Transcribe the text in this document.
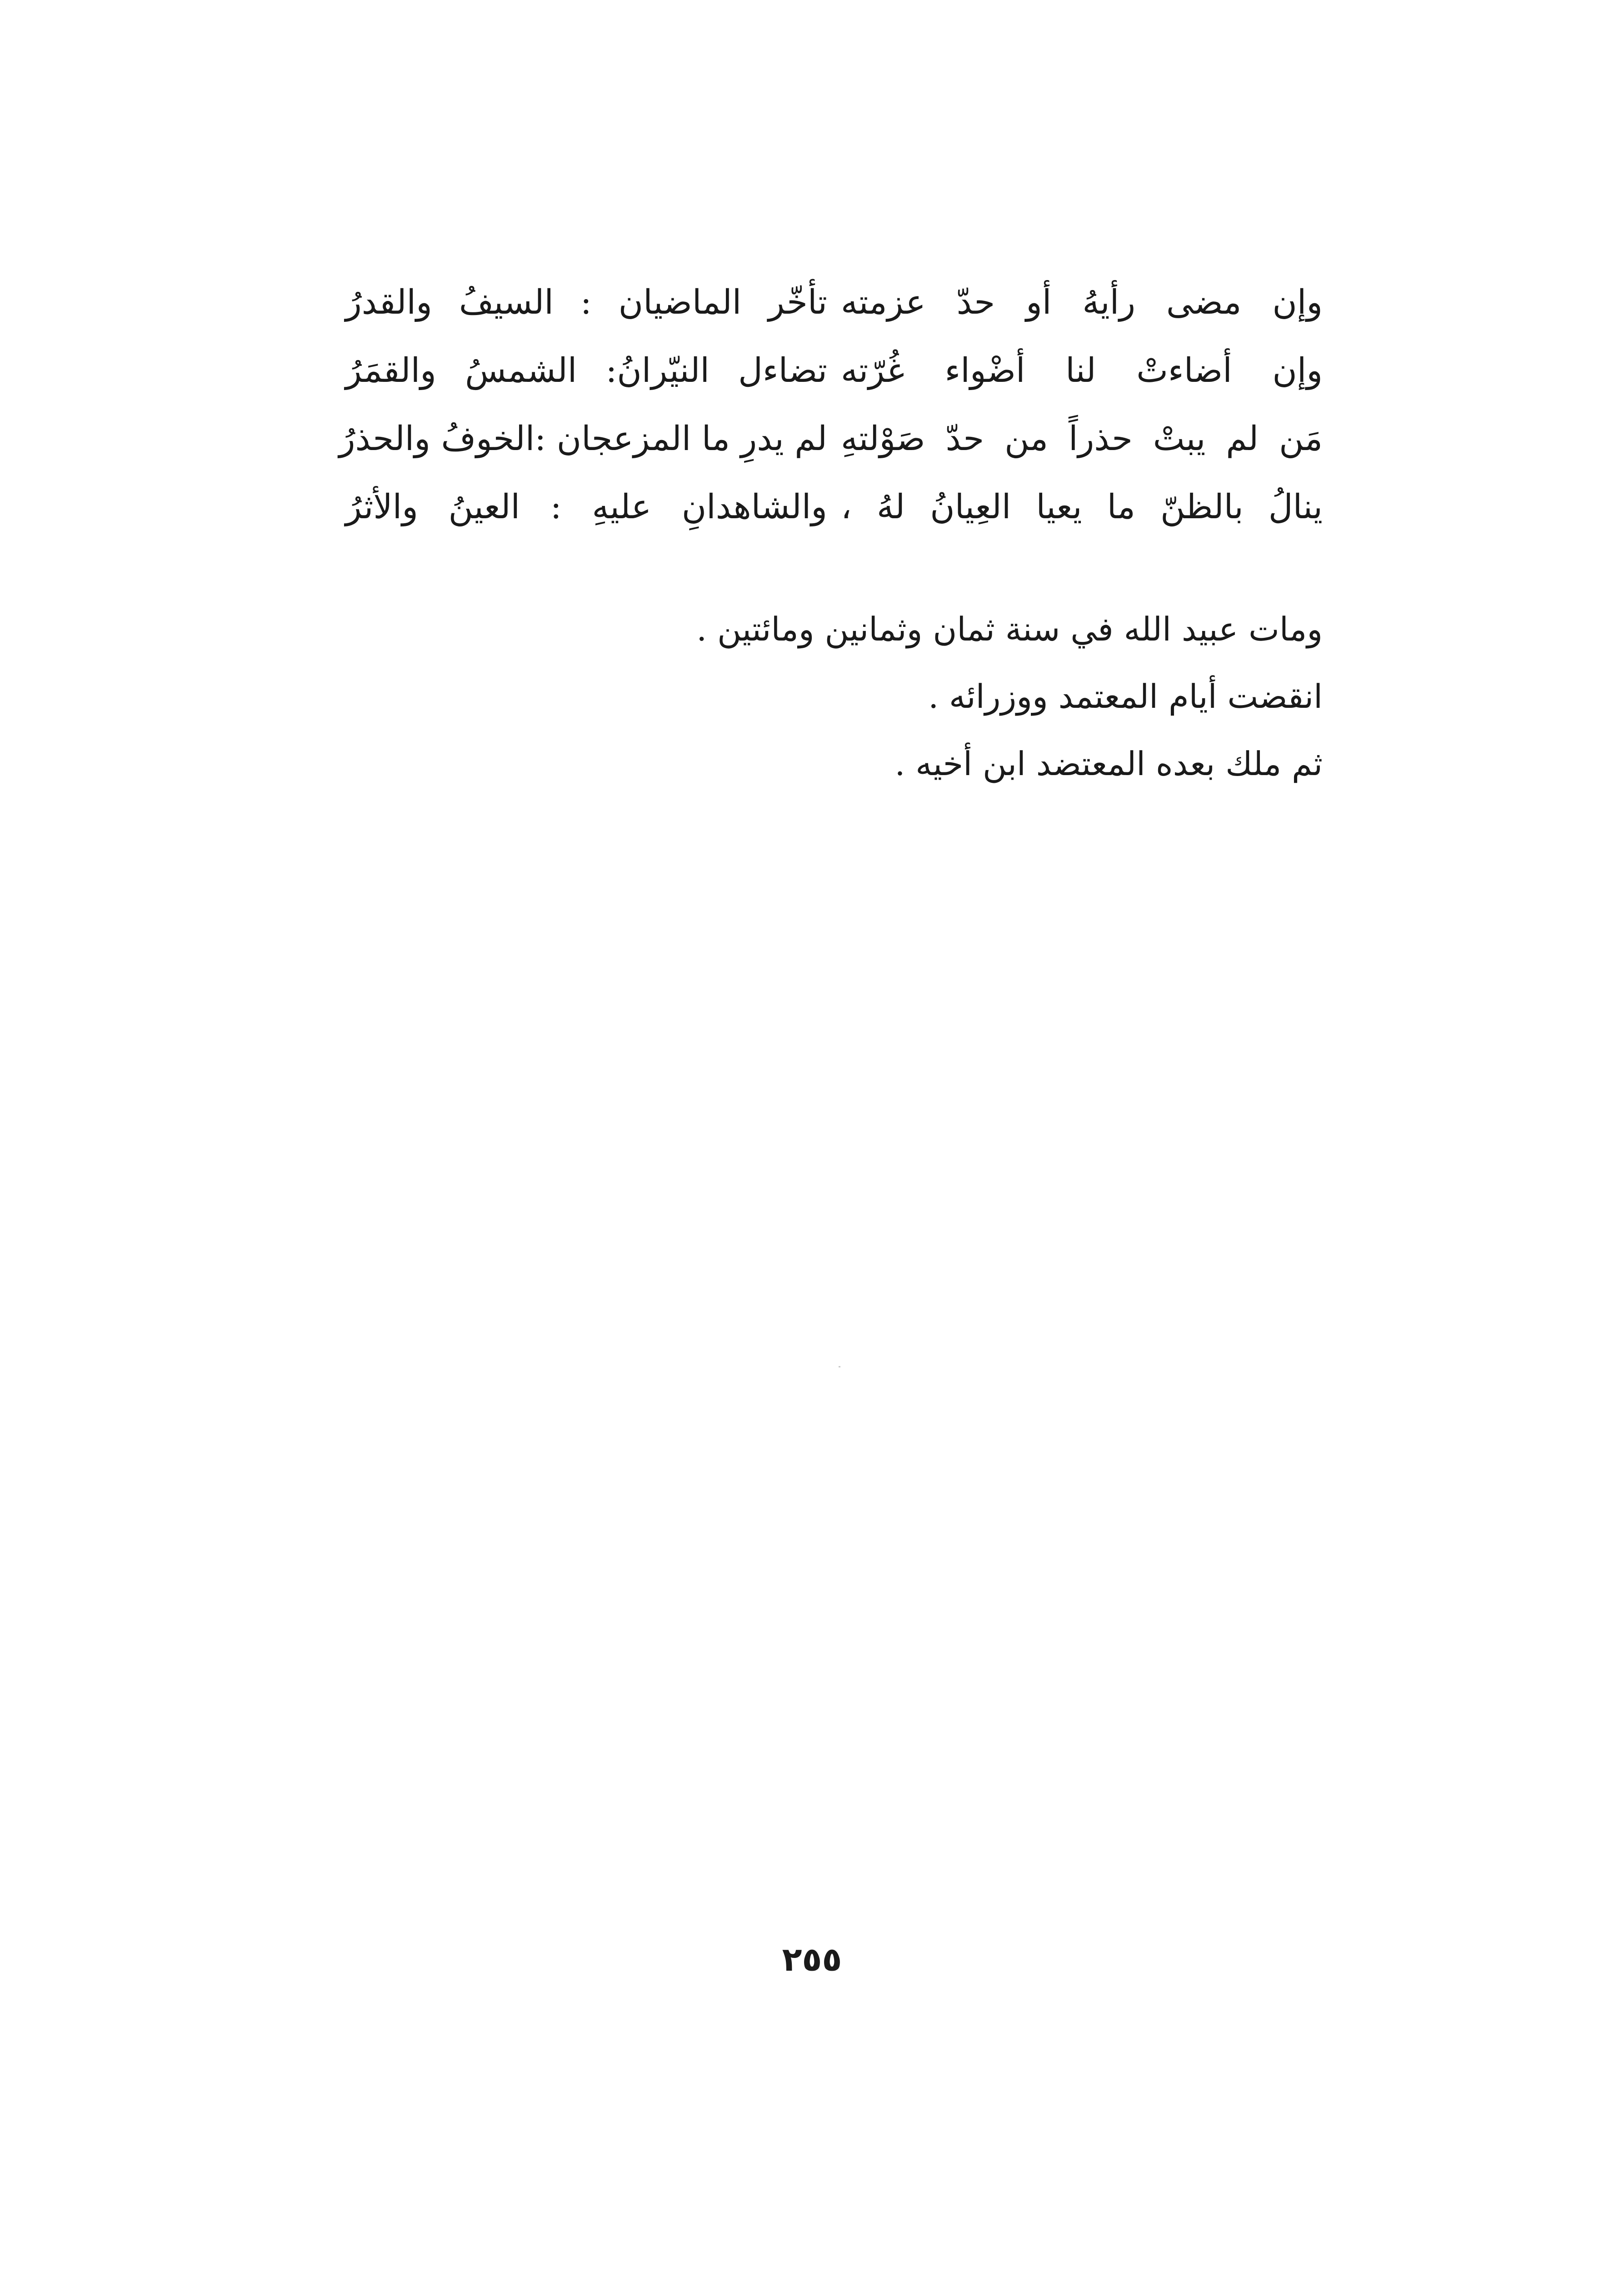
وإن مضى رأيهُ أو حدّ عزمته
تأخّر الماضيان : السيفُ والقدرُ
وإن أضاءتْ لنا أضْواء غُرّته
تضاءل النيّرانُ: الشمسُ والقمَرُ
مَن لم يبتْ حذراً من حدّ صَوْلتهِ
لم يدرِ ما المزعجان :الخوفُ والحذرُ
ينالُ بالظنّ ما يعيا العِيانُ لهُ ،
والشاهدانِ عليهِ : العينُ والأثرُ
ومات عبيد الله في سنة ثمان وثمانين ومائتين .
انقضت أيام المعتمد ووزرائه .
ثم ملك بعده المعتضد ابن أخيه .
٢٥٥
